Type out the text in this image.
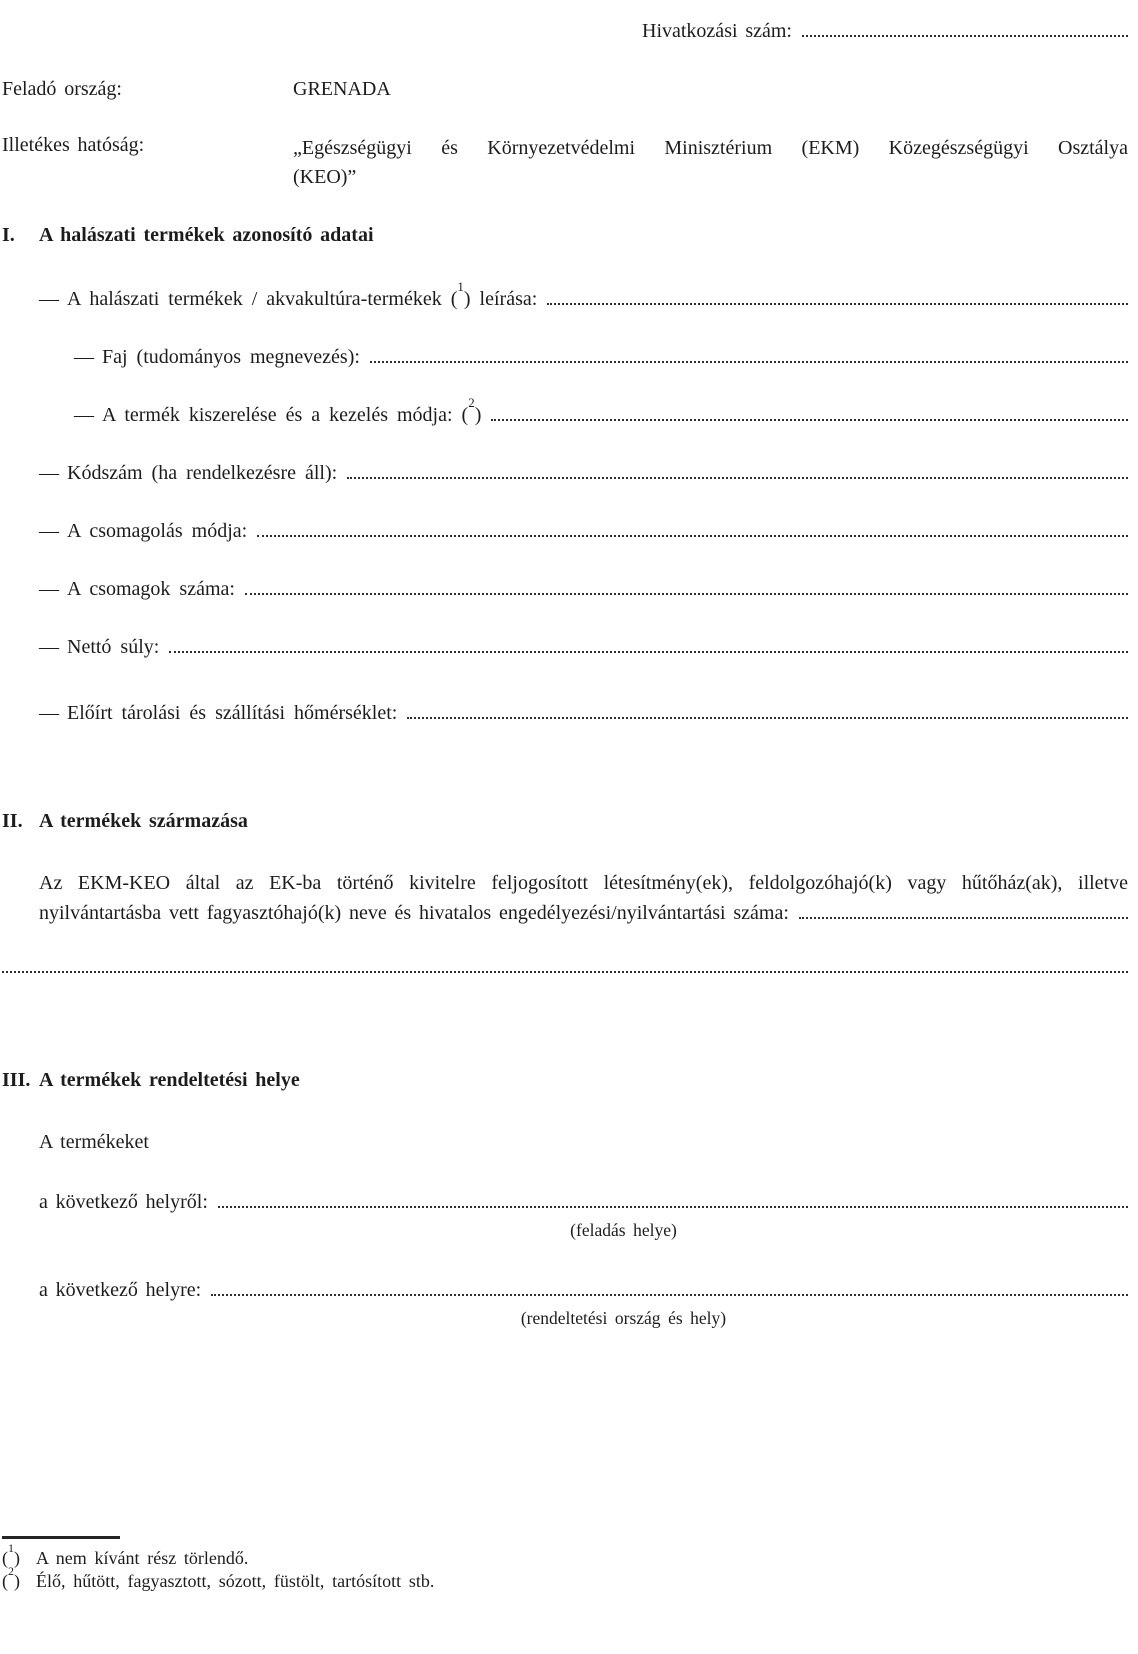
Hivatkozási szám:
Feladó ország:	GRENADA
Illetékes hatóság:	„Egészségügyi és Környezetvédelmi Minisztérium (EKM) Közegészségügyi Osztálya
(KEO)”
I.	A halászati termékek azonosító adatai
— A halászati termékek / akvakultúra-termékek ($^1$) leírása:
— Faj (tudományos megnevezés):
— A termék kiszerelése és a kezelés módja: ($^2$)
— Kódszám (ha rendelkezésre áll):
— A csomagolás módja:
— A csomagok száma:
— Nettó súly:
— Előírt tárolási és szállítási hőmérséklet:
II. A termékek származása
Az EKM-KEO által az EK-ba történő kivitelre feljogosított létesítmény(ek), feldolgozóhajó(k) vagy hűtőház(ak), illetve
nyilvántartásba vett fagyasztóhajó(k) neve és hivatalos engedélyezési/nyilvántartási száma:
III. A termékek rendeltetési helye
A termékeket
a következő helyről:
(feladás helye)
a következő helyre:
(rendeltetési ország és hely)
($^1$) A nem kívánt rész törlendő.
($^2$) Élő, hűtött, fagyasztott, sózott, füstölt, tartósított stb.
